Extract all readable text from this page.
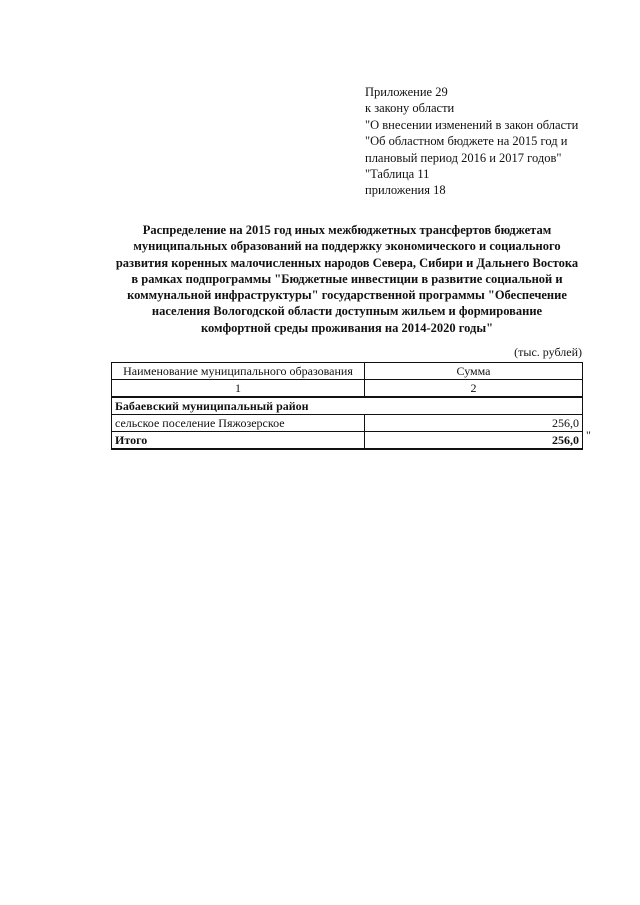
Приложение 29
к закону области
"О внесении изменений в закон области
"Об областном бюджете на 2015 год и
плановый период 2016 и 2017 годов"
"Таблица 11
приложения 18
Распределение на 2015 год иных межбюджетных трансфертов бюджетам
муниципальных образований на поддержку экономического и социального
развития коренных малочисленных народов Севера, Сибири и Дальнего Востока
в рамках подпрограммы "Бюджетные инвестиции в развитие социальной и
коммунальной инфраструктуры" государственной программы "Обеспечение
населения Вологодской области доступным жильем и формирование
комфортной среды проживания на 2014-2020 годы"
(тыс. рублей)
Наименование муниципального образования	Сумма
1	2
Бабаевский муниципальный район	
сельское поселение Пяжозерское	256,0
Итого	256,0 "
